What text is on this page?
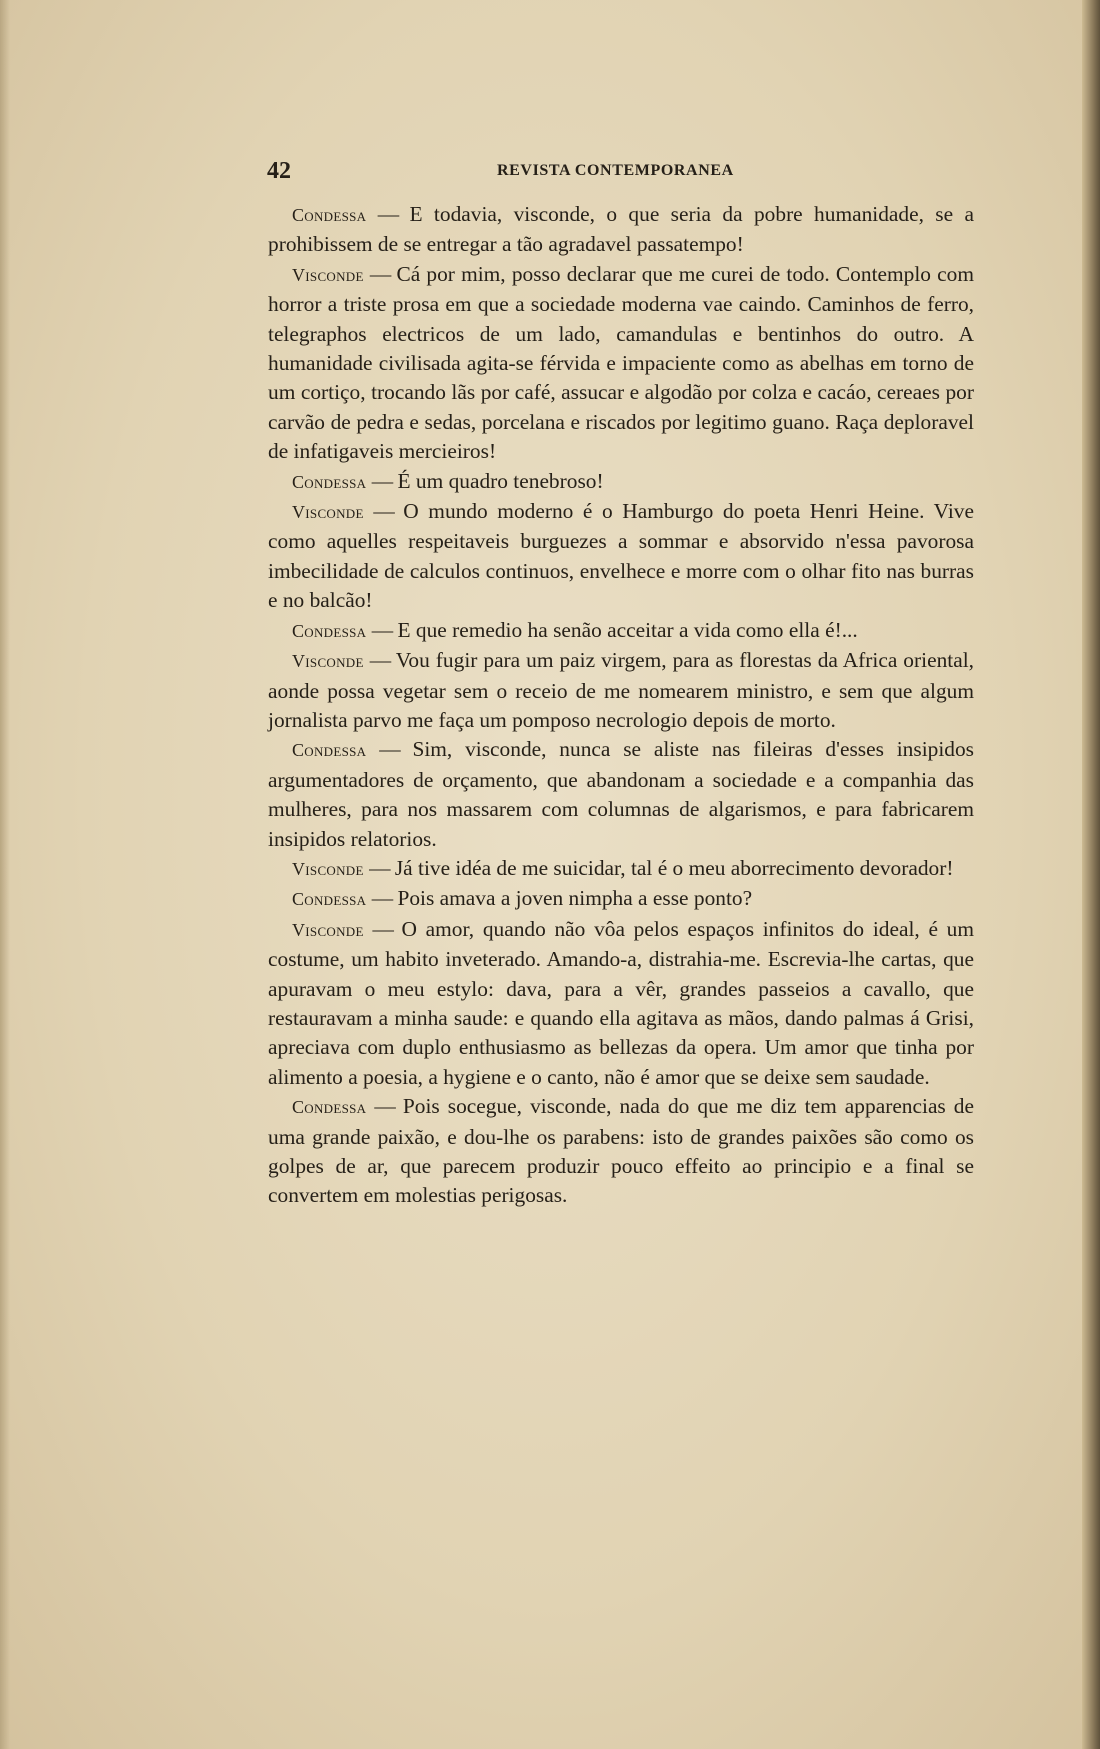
42	REVISTA CONTEMPORANEA

Condessa — E todavia, visconde, o que seria da pobre humanidade, se a prohibissem de se entregar a tão agradavel passatempo!

Visconde — Cá por mim, posso declarar que me curei de todo. Contemplo com horror a triste prosa em que a sociedade moderna vae caindo. Caminhos de ferro, telegraphos electricos de um lado, camandulas e bentinhos do outro. A humanidade civilisada agita-se férvida e impaciente como as abelhas em torno de um cortiço, trocando lãs por café, assucar e algodão por colza e cacáo, cereaes por carvão de pedra e sedas, porcelana e riscados por legitimo guano. Raça deploravel de infatigaveis mercieiros!

Condessa — É um quadro tenebroso!

Visconde — O mundo moderno é o Hamburgo do poeta Henri Heine. Vive como aquelles respeitaveis burguezes a sommar e absorvido n'essa pavorosa imbecilidade de calculos continuos, envelhece e morre com o olhar fito nas burras e no balcão!

Condessa — E que remedio ha senão acceitar a vida como ella é!...

Visconde — Vou fugir para um paiz virgem, para as florestas da Africa oriental, aonde possa vegetar sem o receio de me nomearem ministro, e sem que algum jornalista parvo me faça um pomposo necrologio depois de morto.

Condessa — Sim, visconde, nunca se aliste nas fileiras d'esses insipidos argumentadores de orçamento, que abandonam a sociedade e a companhia das mulheres, para nos massarem com columnas de algarismos, e para fabricarem insipidos relatorios.

Visconde — Já tive idéa de me suicidar, tal é o meu aborrecimento devorador!

Condessa — Pois amava a joven nimpha a esse ponto?

Visconde — O amor, quando não vôa pelos espaços infinitos do ideal, é um costume, um habito inveterado. Amando-a, distrahia-me. Escrevia-lhe cartas, que apuravam o meu estylo: dava, para a vêr, grandes passeios a cavallo, que restauravam a minha saude: e quando ella agitava as mãos, dando palmas á Grisi, apreciava com duplo enthusiasmo as bellezas da opera. Um amor que tinha por alimento a poesia, a hygiene e o canto, não é amor que se deixe sem saudade.

Condessa — Pois socegue, visconde, nada do que me diz tem apparencias de uma grande paixão, e dou-lhe os parabens: isto de grandes paixões são como os golpes de ar, que parecem produzir pouco effeito ao principio e a final se convertem em molestias perigosas.
